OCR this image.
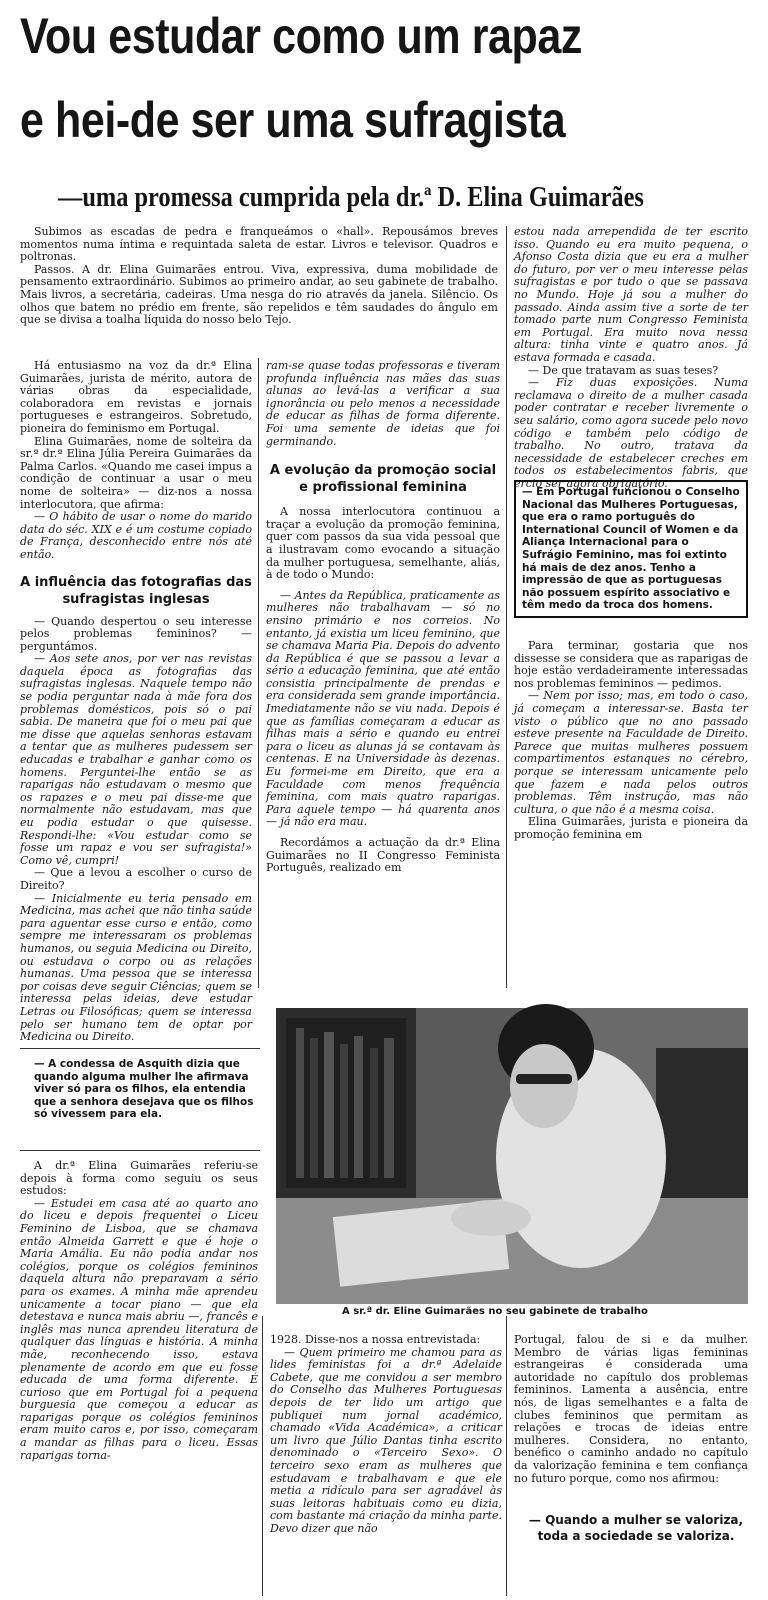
Vou estudar como um rapaz
e hei-de ser uma sufragista
—uma promessa cumprida pela dr.ª D. Elina Guimarães

Subimos as escadas de pedra e franqueámos o «hall». Repousámos breves momentos numa íntima e requintada saleta de estar. Livros e televisor. Quadros e poltronas.

Passos. A dr. Elina Guimarães entrou. Viva, expressiva, duma mobilidade de pensamento extraordinário. Subimos ao primeiro andar, ao seu gabinete de trabalho. Mais livros, a secretária, cadeiras. Uma nesga do rio através da janela. Silêncio. Os olhos que batem no prédio em frente, são repelidos e têm saudades do ângulo em que se divisa a toalha líquida do nosso belo Tejo.

Há entusiasmo na voz da dr.ª Elina Guimarães, jurista de mérito, autora de várias obras da especialidade, colaboradora em revistas e jornais portugueses e estrangeiros. Sobretudo, pioneira do feminismo em Portugal.

Elina Guimarães, nome de solteira da sr.ª dr.ª Elina Júlia Pereira Guimarães da Palma Carlos. «Quando me casei impus a condição de continuar a usar o meu nome de solteira» — diz-nos a nossa interlocutora, que afirma:

— O hábito de usar o nome do marido data do séc. XIX e é um costume copiado de França, desconhecido entre nós até então.

A influência das fotografias das sufragistas inglesas

— Quando despertou o seu interesse pelos problemas femininos? — perguntámos.

— Aos sete anos, por ver nas revistas daquela época as fotografias das sufragistas inglesas. Naquele tempo não se podia perguntar nada à mãe fora dos problemas domésticos, pois só o pai sabia. De maneira que foi o meu pai que me disse que aquelas senhoras estavam a tentar que as mulheres pudessem ser educadas e trabalhar e ganhar como os homens. Perguntei-lhe então se as raparigas não estudavam o mesmo que os rapazes e o meu pai disse-me que normalmente não estudavam, mas que eu podia estudar o que quisesse. Respondi-lhe: «Vou estudar como se fosse um rapaz e vou ser sufragista!» Como vê, cumpri!

— Que a levou a escolher o curso de Direito?

— Inicialmente eu teria pensado em Medicina, mas achei que não tinha saúde para aguentar esse curso e então, como sempre me interessaram os problemas humanos, ou seguia Medicina ou Direito, ou estudava o corpo ou as relações humanas. Uma pessoa que se interessa por coisas deve seguir Ciências; quem se interessa pelas ideias, deve estudar Letras ou Filosóficas; quem se interessa pelo ser humano tem de optar por Medicina ou Direito.

— A condessa de Asquith dizia que quando alguma mulher lhe afirmava viver só para os filhos, ela entendia que a senhora desejava que os filhos só vivessem para ela.

A dr.ª Elina Guimarães referiu-se depois à forma como seguiu os seus estudos:

— Estudei em casa até ao quarto ano do liceu e depois frequentei o Liceu Feminino de Lisboa, que se chamava então Almeida Garrett e que é hoje o Maria Amália. Eu não podia andar nos colégios, porque os colégios femininos daquela altura não preparavam a sério para os exames. A minha mãe aprendeu unicamente a tocar piano — que ela detestava e nunca mais abriu —, francês e inglês mas nunca aprendeu literatura de qualquer das línguas e história. A minha mãe, reconhecendo isso, estava plenamente de acordo em que eu fosse educada de uma forma diferente. É curioso que em Portugal foi a pequena burguesia que começou a educar as raparigas porque os colégios femininos eram muito caros e, por isso, começaram a mandar as filhas para o liceu. Essas raparigas torna-

ram-se quase todas professoras e tiveram profunda influência nas mães das suas alunas ao levá-las a verificar a sua ignorância ou pelo menos a necessidade de educar as filhas de forma diferente. Foi uma semente de ideias que foi germinando.

A evolução da promoção social e profissional feminina

A nossa interlocutora continuou a traçar a evolução da promoção feminina, quer com passos da sua vida pessoal que a ilustravam como evocando a situação da mulher portuguesa, semelhante, aliás, à de todo o Mundo:

— Antes da República, praticamente as mulheres não trabalhavam — só no ensino primário e nos correios. No entanto, já existia um liceu feminino, que se chamava Maria Pia. Depois do advento da República é que se passou a levar a sério a educação feminina, que até então consistia principalmente de prendas e era considerada sem grande importância. Imediatamente não se viu nada. Depois é que as famílias começaram a educar as filhas mais a sério e quando eu entrei para o liceu as alunas já se contavam às centenas. E na Universidade às dezenas. Eu formei-me em Direito, que era a Faculdade com menos frequência feminina, com mais quatro raparigas. Para aquele tempo — há quarenta anos — já não era mau.

Recordámos a actuação da dr.ª Elina Guimarães no II Congresso Feminista Português, realizado em

estou nada arrependida de ter escrito isso. Quando eu era muito pequena, o Afonso Costa dizia que eu era a mulher do futuro, por ver o meu interesse pelas sufragistas e por tudo o que se passava no Mundo. Hoje já sou a mulher do passado. Ainda assim tive a sorte de ter tomado parte num Congresso Feminista em Portugal. Era muito nova nessa altura: tinha vinte e quatro anos. Já estava formada e casada.

— De que tratavam as suas teses?

— Fiz duas exposições. Numa reclamava o direito de a mulher casada poder contratar e receber livremente o seu salário, como agora sucede pelo novo código e também pelo código de trabalho. No outro, tratava da necessidade de estabelecer creches em todos os estabelecimentos fabris, que ercio ser agora obrigatório.

— Em Portugal funcionou o Conselho Nacional das Mulheres Portuguesas, que era o ramo português do International Council of Women e da Aliança Internacional para o Sufrágio Feminino, mas foi extinto há mais de dez anos. Tenho a impressão de que as portuguesas não possuem espírito associativo e têm medo da troca dos homens.

Para terminar, gostaria que nos dissesse se considera que as raparigas de hoje estão verdadeiramente interessadas nos problemas femininos — pedimos.

— Nem por isso; mas, em todo o caso, já começam a interessar-se. Basta ter visto o público que no ano passado esteve presente na Faculdade de Direito. Parece que muitas mulheres possuem compartimentos estanques no cérebro, porque se interessam unicamente pelo que fazem e nada pelos outros problemas. Têm instrução, mas não cultura, o que não é a mesma coisa.

Elina Guimarães, jurista e pioneira da promoção feminina em

A sr.ª dr. Eline Guimarães no seu gabinete de trabalho

1928. Disse-nos a nossa entrevistada:

— Quem primeiro me chamou para as lides feministas foi a dr.ª Adelaide Cabete, que me convidou a ser membro do Conselho das Mulheres Portuguesas depois de ter lido um artigo que publiquei num jornal académico, chamado «Vida Académica», a criticar um livro que Júlio Dantas tinha escrito denominado o «Terceiro Sexo». O terceiro sexo eram as mulheres que estudavam e trabalhavam e que ele metia a ridículo para ser agradável às suas leitoras habituais como eu dizia, com bastante má criação da minha parte. Devo dizer que não

Portugal, falou de si e da mulher. Membro de várias ligas femininas estrangeiras é considerada uma autoridade no capítulo dos problemas femininos. Lamenta a ausência, entre nós, de ligas semelhantes e a falta de clubes femininos que permitam as relações e trocas de ideias entre mulheres. Considera, no entanto, benéfico o caminho andado no capítulo da valorização feminina e tem confiança no futuro porque, como nos afirmou:

— Quando a mulher se valoriza, toda a sociedade se valoriza.
